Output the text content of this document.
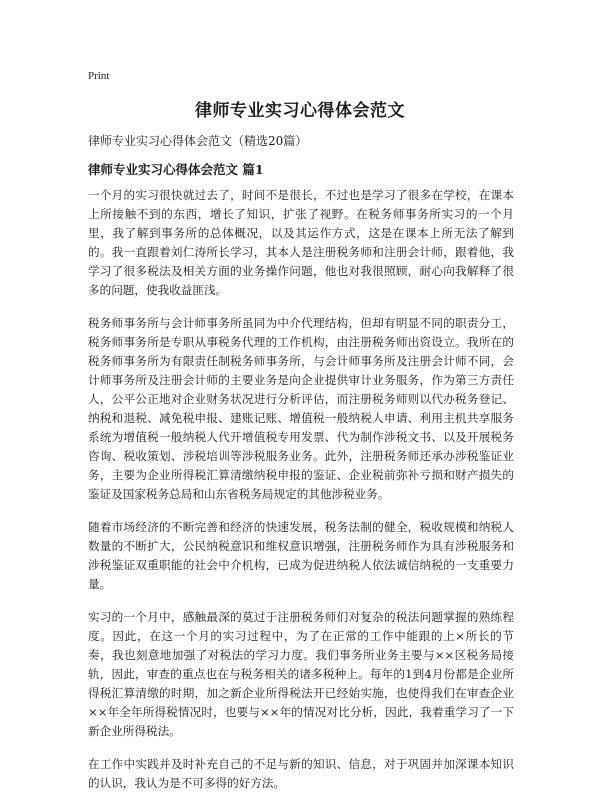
Print
律师专业实习心得体会范文

律师专业实习心得体会范文（精选20篇）

律师专业实习心得体会范文 篇1

一个月的实习很快就过去了，时间不是很长，不过也是学习了很多在学校，在课本上所接触不到的东西，增长了知识，扩张了视野。在税务师事务所实习的一个月里，我了解到事务所的总体概况，以及其运作方式，这是在课本上所无法了解到的。我一直跟着刘仁涛所长学习，其本人是注册税务师和注册会计师，跟着他，我学习了很多税法及相关方面的业务操作问题，他也对我很照顾，耐心向我解释了很多的问题，使我收益匪浅。

税务师事务所与会计师事务所虽同为中介代理结构，但却有明显不同的职责分工，税务师事务所是专职从事税务代理的工作机构，由注册税务师出资设立。我所在的税务师事务所为有限责任制税务师事务所，与会计师事务所及注册会计师不同，会计师事务所及注册会计师的主要业务是向企业提供审计业务服务，作为第三方责任人，公平公正地对企业财务状况进行分析评估，而注册税务师则以代办税务登记、纳税和退税、减免税申报、建账记账、增值税一般纳税人申请、利用主机共享服务系统为增值税一般纳税人代开增值税专用发票、代为制作涉税文书、以及开展税务咨询、税收策划、涉税培训等涉税服务业务。此外，注册税务师还承办涉税鉴证业务，主要为企业所得税汇算清缴纳税申报的鉴证、企业税前弥补亏损和财产损失的鉴证及国家税务总局和山东省税务局规定的其他涉税业务。

随着市场经济的不断完善和经济的快速发展，税务法制的健全，税收规模和纳税人数量的不断扩大，公民纳税意识和维权意识增强，注册税务师作为具有涉税服务和涉税鉴证双重职能的社会中介机构，已成为促进纳税人依法诚信纳税的一支重要力量。

实习的一个月中，感触最深的莫过于注册税务师们对复杂的税法问题掌握的熟练程度。因此，在这一个月的实习过程中，为了在正常的工作中能跟的上×所长的节奏，我也刻意地加强了对税法的学习力度。我们事务所业务主要与××区税务局接轨，因此，审查的重点也在与税务相关的诸多税种上。每年的1到4月份都是企业所得税汇算清缴的时期，加之新企业所得税法开已经始实施，也使得我们在审查企业××年全年所得税情况时，也要与××年的情况对比分析，因此，我着重学习了一下新企业所得税法。

在工作中实践并及时补充自己的不足与新的知识、信息，对于巩固并加深课本知识的认识，我认为是不可多得的好方法。
